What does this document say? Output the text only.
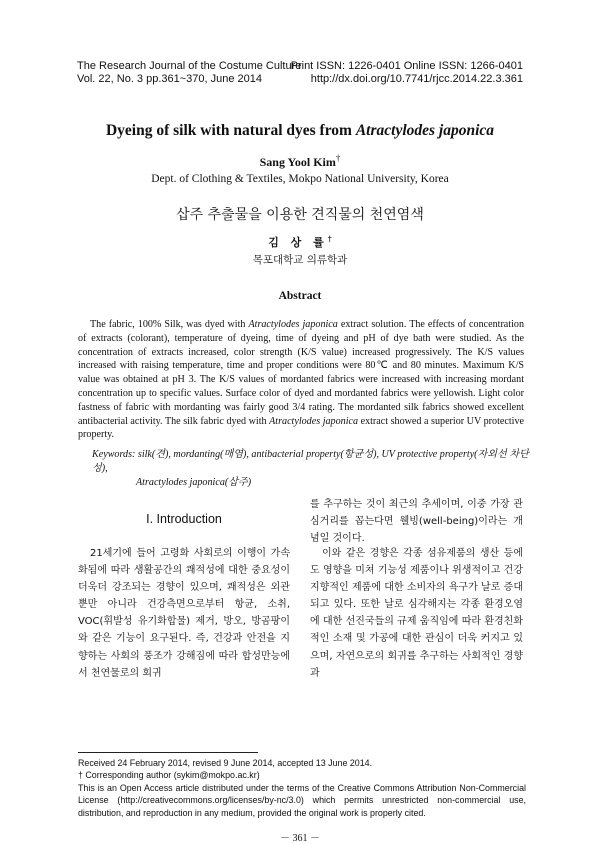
The Research Journal of the Costume Culture
Vol. 22, No. 3 pp.361~370, June 2014
Print ISSN: 1226-0401 Online ISSN: 1266-0401
http://dx.doi.org/10.7741/rjcc.2014.22.3.361
Dyeing of silk with natural dyes from Atractylodes japonica
Sang Yool Kim†
Dept. of Clothing & Textiles, Mokpo National University, Korea
삽주 추출물을 이용한 견직물의 천연염색
김 상 률†
목포대학교 의류학과
Abstract

The fabric, 100% Silk, was dyed with Atractylodes japonica extract solution. The effects of concentration of extracts (colorant), temperature of dyeing, time of dyeing and pH of dye bath were studied. As the concentration of extracts increased, color strength (K/S value) increased progressively. The K/S values increased with raising temperature, time and proper conditions were 80℃ and 80 minutes. Maximum K/S value was obtained at pH 3. The K/S values of mordanted fabrics were increased with increasing mordant concentration up to specific values. Surface color of dyed and mordanted fabrics were yellowish. Light color fastness of fabric with mordanting was fairly good 3/4 rating. The mordanted silk fabrics showed excellent antibacterial activity. The silk fabric dyed with Atractylodes japonica extract showed a superior UV protective property.

Keywords: silk(견), mordanting(매염), antibacterial property(항균성), UV protective property(자외선 차단성),
Atractylodes japonica(삽주)

I. Introduction

21세기에 들어 고령화 사회로의 이행이 가속화됨에 따라 생활공간의 쾌적성에 대한 중요성이 더욱더 강조되는 경향이 있으며, 쾌적성은 외관뿐만 아니라 건강측면으로부터 항균, 소취, VOC(휘발성 유기화합물) 제거, 방오, 방곰팡이와 같은 기능이 요구된다. 즉, 건강과 안전을 지향하는 사회의 풍조가 강해짐에 따라 합성만능에서 천연물로의 회귀

를 추구하는 것이 최근의 추세이며, 이중 가장 관심거리를 꼽는다면 웰빙(well-being)이라는 개념일 것이다.

이와 같은 경향은 각종 섬유제품의 생산 등에도 영향을 미쳐 기능성 제품이나 위생적이고 건강지향적인 제품에 대한 소비자의 욕구가 날로 증대되고 있다. 또한 날로 심각해지는 각종 환경오염에 대한 선진국들의 규제 움직임에 따라 환경친화적인 소재 및 가공에 대한 관심이 더욱 커지고 있으며, 자연으로의 회귀를 추구하는 사회적인 경향과

Received 24 February 2014, revised 9 June 2014, accepted 13 June 2014.

† Corresponding author (sykim@mokpo.ac.kr)

This is an Open Access article distributed under the terms of the Creative Commons Attribution Non-Commercial License (http://creativecommons.org/licenses/by-nc/3.0) which permits unrestricted non-commercial use, distribution, and reproduction in any medium, provided the original work is properly cited.

－ 361 －
